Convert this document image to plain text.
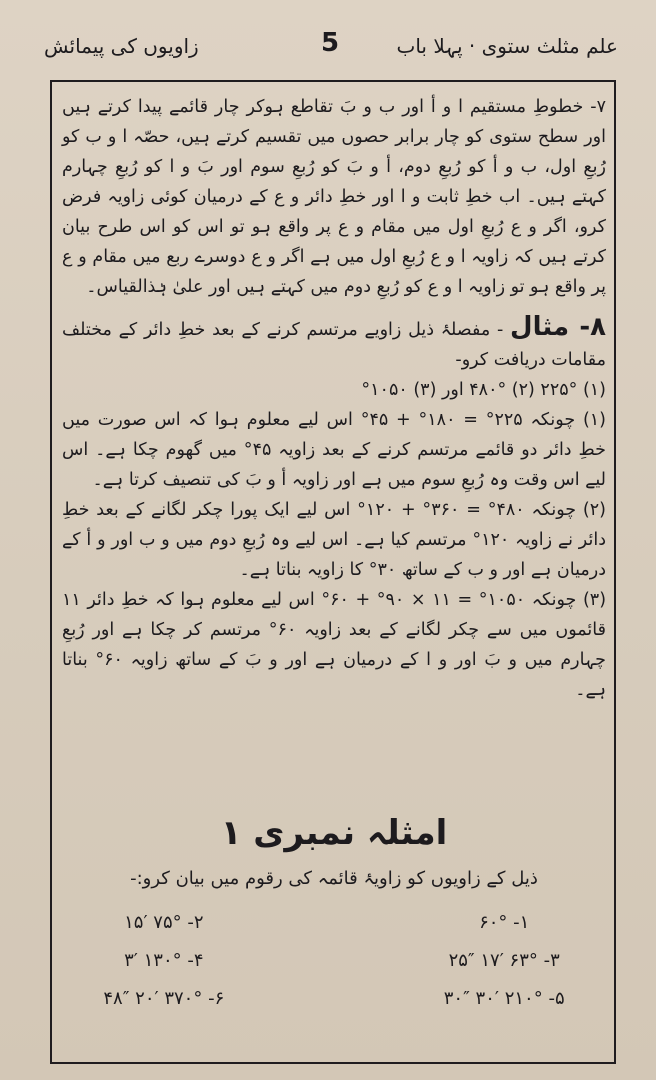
علم مثلث ستوی · پہلا باب
5
زاویوں کی پیمائش

۷- خطوطِ مستقیم ا و أ اور ب و بَ تقاطع ہوکر چار قائمے پیدا کرتے ہیں اور سطح ستوی کو چار برابر حصوں میں تقسیم کرتے ہیں، حصّہ ا و ب کو رُبعِ اول، ب و أ کو رُبعِ دوم، أ و بَ کو رُبعِ سوم اور بَ و ا کو رُبعِ چہارم کہتے ہیں۔ اب خطِ ثابت و ا اور خطِ دائر و ع کے درمیان کوئی زاویہ فرض کرو، اگر و ع رُبعِ اول میں مقام و ع پر واقع ہو تو اس کو اس طرح بیان کرتے ہیں کہ زاویہ ا و ع رُبعِ اول میں ہے اگر و ع دوسرے ربع میں مقام و ع پر واقع ہو تو زاویہ ا و ع کو رُبعِ دوم میں کہتے ہیں اور علیٰ ہٰذالقیاس۔

۸- مثال - مفصلۂ ذیل زاویے مرتسم کرنے کے بعد خطِ دائر کے مختلف مقامات دریافت کرو-

(۱) ۲۲۵° (۲) ۴۸۰° اور (۳) ۱۰۵۰°

(۱) چونکہ ۲۲۵° = ۱۸۰° + ۴۵° اس لیے معلوم ہوا کہ اس صورت میں خطِ دائر دو قائمے مرتسم کرنے کے بعد زاویہ ۴۵° میں گھوم چکا ہے۔ اس لیے اس وقت وہ رُبعِ سوم میں ہے اور زاویہ أ و بَ کی تنصیف کرتا ہے۔

(۲) چونکہ ۴۸۰° = ۳۶۰° + ۱۲۰° اس لیے ایک پورا چکر لگانے کے بعد خطِ دائر نے زاویہ ۱۲۰° مرتسم کیا ہے۔ اس لیے وہ رُبعِ دوم میں و ب اور و أ کے درمیان ہے اور و ب کے ساتھ ۳۰° کا زاویہ بناتا ہے۔

(۳) چونکہ ۱۰۵۰° = ۱۱ × ۹۰° + ۶۰° اس لیے معلوم ہوا کہ خطِ دائر ۱۱ قائموں میں سے چکر لگانے کے بعد زاویہ ۶۰° مرتسم کر چکا ہے اور رُبعِ چہارم میں و بَ اور و ا کے درمیان ہے اور و بَ کے ساتھ زاویہ ۶۰° بناتا ہے۔

امثلہ نمبری ۱
ذیل کے زاویوں کو زاویۂ قائمہ کی رقوم میں بیان کرو:-
۱- ۶۰°
۲- ۷۵° ۱۵′
۳- ۶۳° ۱۷′ ۲۵″
۴- ۱۳۰° ۳′
۵- ۲۱۰° ۳۰′ ۳۰″
۶- ۳۷۰° ۲۰′ ۴۸″
